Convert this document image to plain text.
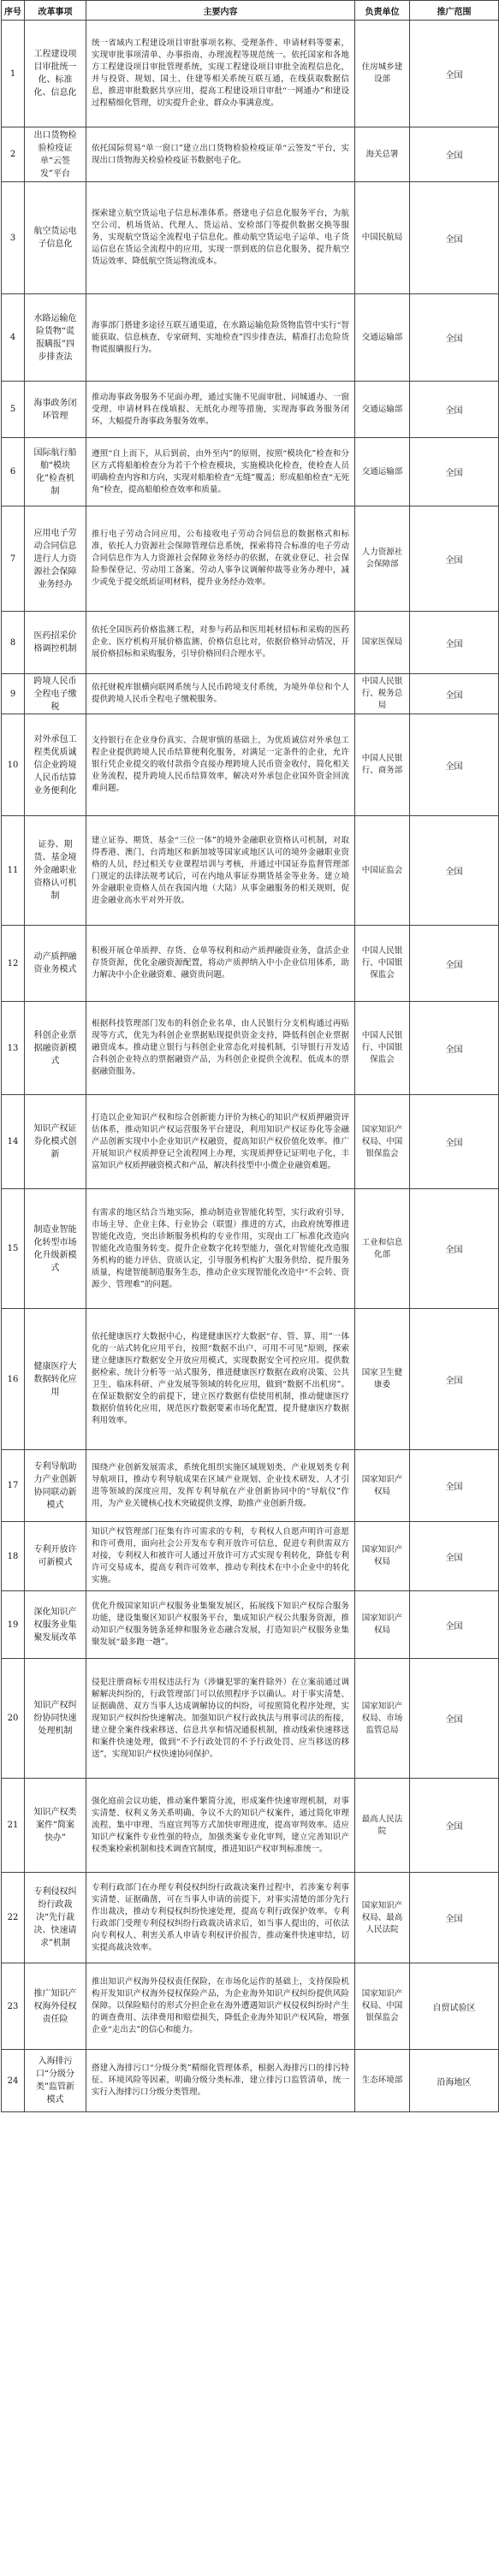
序号	改革事项	主要内容	负责单位	推广范围
1	工程建设项目审批统一化、标准化、信息化	统一省域内工程建设项目审批事项名称、受理条件、申请材料等要素，实现审批事项清单、办事指南、办理流程等规范统一。依托国家和各地方工程建设项目审批管理系统，实现工程建设项目审批全流程信息化，并与投资、规划、国土、住建等相关系统互联互通，在线获取数据信息，推进审批数据共享应用，提高工程建设项目审批“一网通办”和建设过程精细化管理，切实提升企业、群众办事满意度。	住房城乡建设部	全国
2	出口货物检验检疫证单“云签发”平台	依托国际贸易“单一窗口”建立出口货物检验检疫证单“云签发”平台，实现出口货物海关检验检疫证书数据电子化。	海关总署	全国
3	航空货运电子信息化	探索建立航空货运电子信息标准体系。搭建电子信息化服务平台，为航空公司、机场货站、代理人、货运站、安检部门等提供数据交换等服务，实现航空货运全流程电子信息化。推动航空货运电子运单、电子货运信息在货运全流程中的应用，实现一票到底的信息化服务，提升航空货运效率、降低航空货运物流成本。	中国民航局	全国
4	水路运输危险货物“谎报瞒报”四步排查法	海事部门搭建多途径互联互通渠道，在水路运输危险货物监管中实行“智能获取、信息核查、专家研判、实地检查”四步排查法，精准打击危险货物谎报瞒报行为。	交通运输部	全国
5	海事政务闭环管理	推动海事政务服务不见面办理，通过实施不见面审批、同城通办、一窗受理、申请材料在线填报、无纸化办理等措施，实现海事政务服务闭环，大幅提升海事政务服务效率。	交通运输部	全国
6	国际航行船舶“模块化”检查机制	遵照“自上而下，从后到前，由外至内”的原则，按照“模块化”检查和分区方式将船舶检查分为若干个检查模块，实施模块化检查，使检查人员明确检查内容和方向，实现对船舶检查“无缝”覆盖；形成船舶检查“无死角”检查，提高船舶检查效率和质量。	交通运输部	全国
7	应用电子劳动合同信息进行人力资源社会保障业务经办	推行电子劳动合同应用，公布接收电子劳动合同信息的数据格式和标准，依托人力资源社会保障管理信息系统，探索将符合标准的电子劳动合同信息作为人力资源社会保障业务经办的依据，在就业登记、社会保险参保登记、劳动用工备案、劳动人事争议调解仲裁等业务办理中，减少或免于提交纸质证明材料，提升业务经办效率。	人力资源社会保障部	全国
8	医药招采价格调控机制	依托全国医药价格监测工程，对参与药品和医用耗材招标和采购的医药企业、医疗机构开展价格监测、价格信息比对，依据价格异动情况，开展价格招标和采购服务，引导价格回归合理水平。	国家医保局	全国
9	跨境人民币全程电子缴税	依托财税库银横向联网系统与人民币跨境支付系统，为境外单位和个人提供跨境人民币全程电子缴税服务。	中国人民银行、税务总局	全国
10	对外承包工程类优质诚信企业跨境人民币结算业务便利化	支持银行在企业身份真实、合规审慎的基础上，为优质诚信对外承包工程企业提供跨境人民币结算便利化服务，对满足一定条件的企业，允许银行凭企业提交的收付款指令直接办理跨境人民币资金收付，简化相关业务流程，提升跨境人民币结算效率，解决对外承包企业国外资金回流难问题。	中国人民银行、商务部	全国
11	证券、期货、基金境外金融职业资格认可机制	建立证券、期货、基金“三位一体”的境外金融职业资格认可机制，对取得香港、澳门、台湾地区和新加坡等国家或地区认可的境外金融职业资格的人员，经过相关专业课程培训与考核，并通过中国证券监督管理部门规定的法律法规考试后，可在内地从事证券期货基金等业务。建立境外金融职业资格人员在我国内地（大陆）从事金融服务的相关规则，促进金融业高水平对外开放。	中国证监会	全国
12	动产质押融资业务模式	积极开展仓单质押、存货、仓单等权利和动产质押融资业务，盘活企业存货资源，优化金融资源配置，将动产质押纳入中小企业信用体系，助力解决中小企业融资难、融资贵问题。	中国人民银行、中国银保监会	全国
13	科创企业票据融资新模式	根据科技管理部门发布的科创企业名单，由人民银行分支机构通过再贴现等方式，优先为科创企业票据贴现提供资金支持，降低科创企业票据融资成本。推动建立银行与科创企业常态化对接机制，引导银行开发适合科创企业特点的票据融资产品，为科创企业提供全流程、低成本的票据融资服务。	中国人民银行、中国银保监会	全国
14	知识产权证券化模式创新	打造以企业知识产权和综合创新能力评价为核心的知识产权质押融资评估体系，推动知识产权运营服务平台建设，利用知识产权证券化等金融产品创新实现中小企业知识产权融资，提高知识产权价值化效率。推广开展知识产权质押登记全流程网上办理，实现质押登记证明电子化，丰富知识产权质押融资模式和产品，解决科技型中小微企业融资难题。	国家知识产权局、中国银保监会	全国
15	制造业智能化转型市场化升级新模式	有需求的地区结合当地实际，推动制造业智能化转型，实行政府引导、市场主导、企业主体、行业协会（联盟）推进的方式，由政府统筹推进智能化改造，突出诊断服务机构的专业作用，实现由工厂标准化改造向智能化改造服务转变。提升企业数字化转型能力，强化对智能化改造服务机构的能力评估、资质认定，引导服务机构扩大服务供给、提升服务质量，构建智能制造服务生态，推动企业实现智能化改造中“不会转、资源少、管理难”的问题。	工业和信息化部	全国
16	健康医疗大数据转化应用	依托健康医疗大数据中心，构建健康医疗大数据“存、管、算、用”一体化的一站式转化应用平台，按照“数据不出户、可用不可见”原则，探索建立健康医疗数据安全开放应用模式，实现数据安全可控应用。提供数据检索、统计分析等一站式服务，推进健康医疗数据在政府决策、公共卫生、临床科研、产业发展等领域的转化应用，做到“数据不出机房”。在保证数据安全的前提下，建立医疗数据有偿使用机制，推动健康医疗数据价值转化应用，规范医疗数据要素市场化配置，提升健康医疗数据利用效率。	国家卫生健康委	全国
17	专利导航助力产业创新协同联动新模式	围绕产业创新发展需求，系统化组织实施区域规划类、产业规划类专利导航项目，推动专利导航成果在区域产业规划、企业技术研发、人才引进等领域的深度应用，发挥专利导航在产业创新协同中的“导航仪”作用，为产业关键核心技术突破提供支撑，助推产业创新升级。	国家知识产权局	全国
18	专利开放许可新模式	知识产权管理部门征集有许可需求的专利，专利权人自愿声明许可意愿和许可费用，面向社会公开发布专利开放许可信息，促进专利供需双方对接，专利权人和被许可人通过开放许可方式实现专利转化，降低专利许可交易成本，提高专利许可效率，推动专利技术在中小企业中的转化实施。	国家知识产权局	全国
19	深化知识产权服务业集聚发展改革	优化升级国家知识产权服务业集聚发展区，拓展线下知识产权综合服务功能，建设集聚区知识产权服务平台，集成知识产权公共服务资源，推动知识产权服务链条延伸和服务业态融合发展，打造知识产权服务业集聚发展“最多跑一趟”。	国家知识产权局	全国
20	知识产权纠纷协同快速处理机制	侵犯注册商标专用权违法行为（涉嫌犯罪的案件除外）在立案前通过调解解决纠纷的，行政管理部门可以依照程序予以确认。对于事实清楚、证据确凿、双方当事人达成调解协议的纠纷，可按照简化程序处理，实现知识产权纠纷快速解决。加强知识产权行政执法与刑事司法的衔接，建立健全案件线索移送、信息共享和情况通报机制，推动线索快速移送和案件快速处理，做到“不予行政处罚的不予行政处罚、应当移送的移送”，实现知识产权快速协同保护。	国家知识产权局、市场监管总局	全国
21	知识产权类案件“简案快办”	强化庭前会议功能，推动案件繁简分流，形成案件快速审理机制，对事实清楚、权利义务关系明确、争议不大的知识产权案件，通过简化审理流程、集中审理、当庭宣判等方式加快审理进度，提高审判效率。适应知识产权案件专业性强的特点，加强类案专业化审判，建立完善知识产权类案检索机制和技术调查官制度，推进知识产权审判标准统一。	最高人民法院	全国
22	专利侵权纠纷行政裁决“先行裁决、快速请求”机制	专利行政部门在办理专利侵权纠纷行政裁决案件过程中，若涉案专利事实清楚、证据确凿，可在当事人申请的前提下，对事实清楚的部分先行作出裁决，推动专利侵权纠纷快速处理，提高专利行政保护效率。专利行政部门受理专利侵权纠纷行政裁决请求后，如当事人提出的，可依法向专利权人、利害关系人申请专利权评价报告，推动案件快速审结，切实提高裁决效率。	国家知识产权局、最高人民法院	全国
23	推广知识产权海外侵权责任险	推出知识产权海外侵权责任保险，在市场化运作的基础上，支持保险机构开发知识产权海外侵权保险产品，为企业海外知识产权纠纷提供风险保障。以保险赔付的形式分担企业在海外遭遇知识产权侵权纠纷时产生的调查费用、法律费用和赔偿损失，降低企业海外知识产权风险，增强企业“走出去”的信心和能力。	国家知识产权局、中国银保监会	自贸试验区
24	入海排污口“分级分类”监管新模式	搭建入海排污口“分级分类”精细化管理体系，根据入海排污口的排污特征、环境风险等因素，明确分级分类标准，建立排污口监管清单，统一实行入海排污口分级分类管理。	生态环境部	沿海地区
